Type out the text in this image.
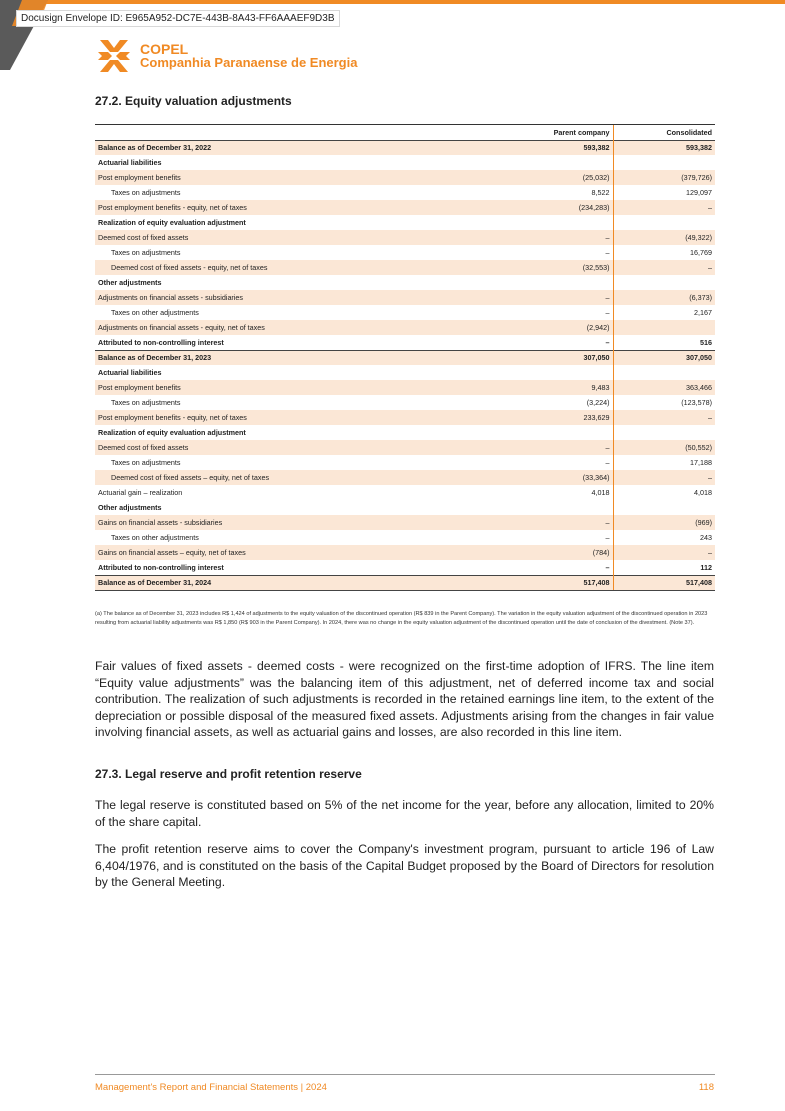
Docusign Envelope ID: E965A952-DC7E-443B-8A43-FF6AAAEF9D3B
COPEL
Companhia Paranaense de Energia
27.2. Equity valuation adjustments
	Parent company	Consolidated
Balance as of December 31, 2022	593,382	593,382
Actuarial liabilities		
Post employment benefits	(25,032)	(379,726)
Taxes on adjustments	8,522	129,097
Post employment benefits - equity, net of taxes	(234,283)	–
Realization of equity evaluation adjustment		
Deemed cost of fixed assets	–	(49,322)
Taxes on adjustments	–	16,769
Deemed cost of fixed assets - equity, net of taxes	(32,553)	–
Other adjustments		
Adjustments on financial assets - subsidiaries	–	(6,373)
Taxes on other adjustments	–	2,167
Adjustments on financial assets - equity, net of taxes	(2,942)	
Attributed to non-controlling interest	–	516
Balance as of December 31, 2023	307,050	307,050
Actuarial liabilities		
Post employment benefits	9,483	363,466
Taxes on adjustments	(3,224)	(123,578)
Post employment benefits - equity, net of taxes	233,629	–
Realization of equity evaluation adjustment		
Deemed cost of fixed assets	–	(50,552)
Taxes on adjustments	–	17,188
Deemed cost of fixed assets – equity, net of taxes	(33,364)	–
Actuarial gain – realization	4,018	4,018
Other adjustments		
Gains on financial assets - subsidiaries	–	(969)
Taxes on other adjustments	–	243
Gains on financial assets – equity, net of taxes	(784)	–
Attributed to non-controlling interest	–	112
Balance as of December 31, 2024	517,408	517,408
(a) The balance as of December 31, 2023 includes R$ 1,424 of adjustments to the equity valuation of the discontinued operation (R$ 839 in the Parent Company). The variation in the equity valuation adjustment of the discontinued operation in 2023 resulting from actuarial liability adjustments was R$ 1,850 (R$ 903 in the Parent Company). In 2024, there was no change in the equity valuation adjustment of the discontinued operation until the date of conclusion of the divestment. (Note 37).
Fair values of fixed assets - deemed costs - were recognized on the first-time adoption of IFRS. The line item “Equity value adjustments” was the balancing item of this adjustment, net of deferred income tax and social contribution. The realization of such adjustments is recorded in the retained earnings line item, to the extent of the depreciation or possible disposal of the measured fixed assets. Adjustments arising from the changes in fair value involving financial assets, as well as actuarial gains and losses, are also recorded in this line item.
27.3. Legal reserve and profit retention reserve
The legal reserve is constituted based on 5% of the net income for the year, before any allocation, limited to 20% of the share capital.
The profit retention reserve aims to cover the Company's investment program, pursuant to article 196 of Law 6,404/1976, and is constituted on the basis of the Capital Budget proposed by the Board of Directors for resolution by the General Meeting.
Management's Report and Financial Statements | 2024	118
